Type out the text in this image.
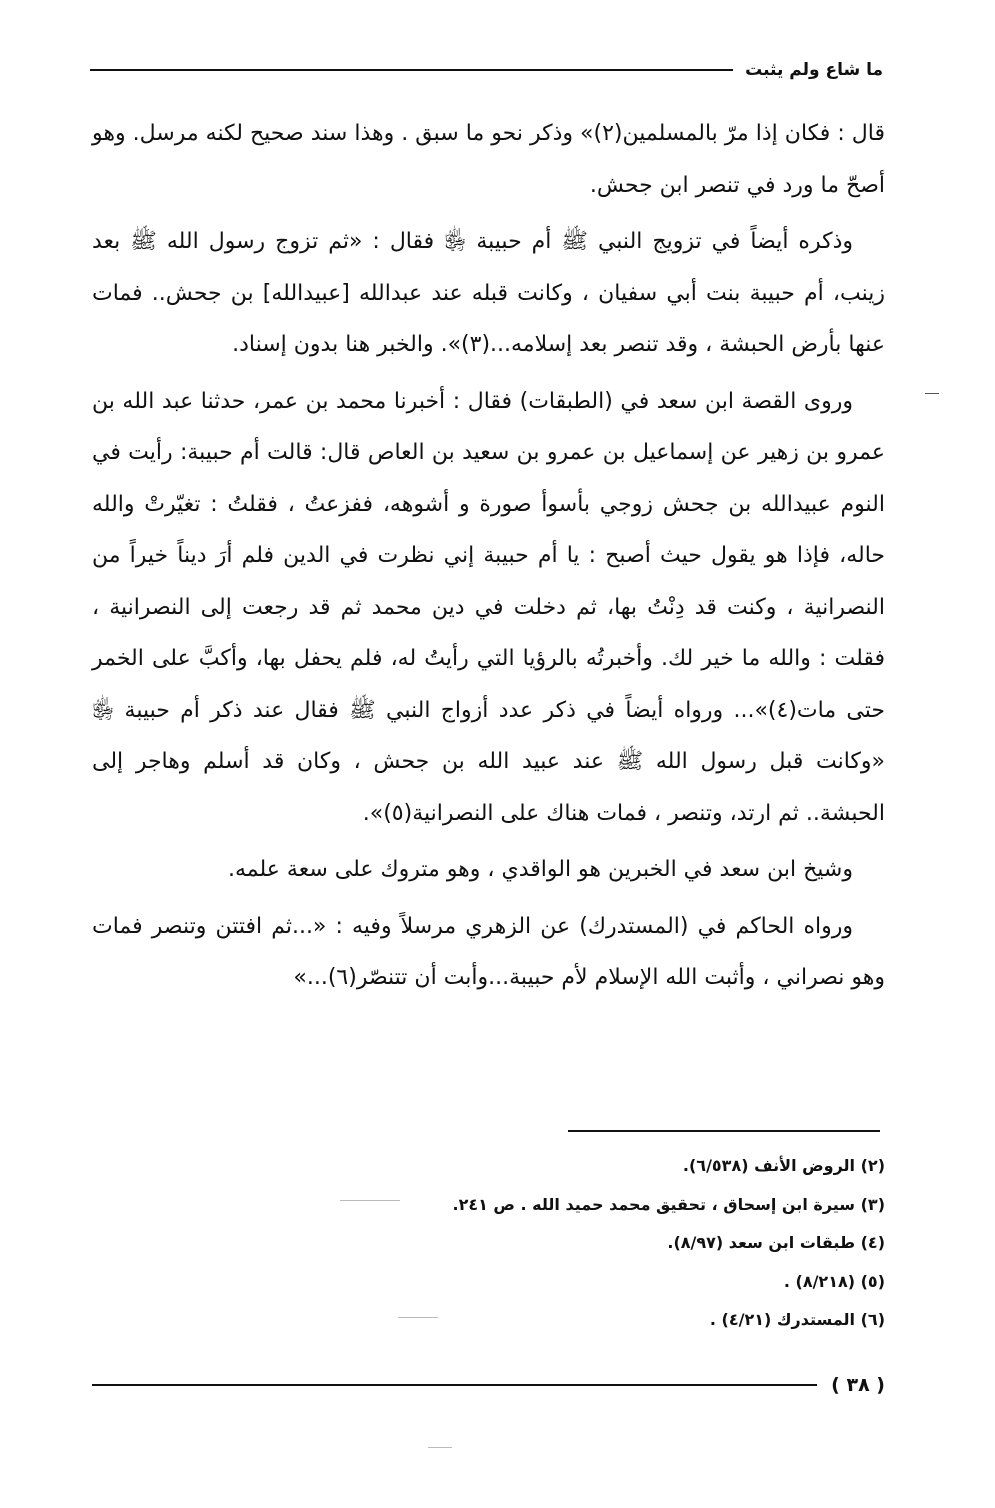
ما شاع ولم يثبت

قال : فكان إذا مرّ بالمسلمين(٢)» وذكر نحو ما سبق . وهذا سند صحيح لكنه مرسل. وهو أصحّ ما ورد في تنصر ابن جحش.

وذكره أيضاً في تزويج النبي ﷺ أم حبيبة ﵂ فقال : «ثم تزوج رسول الله ﷺ بعد زينب، أم حبيبة بنت أبي سفيان ، وكانت قبله عند عبدالله [عبيدالله] بن جحش.. فمات عنها بأرض الحبشة ، وقد تنصر بعد إسلامه...(٣)». والخبر هنا بدون إسناد.

وروى القصة ابن سعد في (الطبقات) فقال : أخبرنا محمد بن عمر، حدثنا عبد الله بن عمرو بن زهير عن إسماعيل بن عمرو بن سعيد بن العاص قال: قالت أم حبيبة: رأيت في النوم عبيدالله بن جحش زوجي بأسوأ صورة و أشوهه، ففزعتُ ، فقلتُ : تغيّرتْ والله حاله، فإذا هو يقول حيث أصبح : يا أم حبيبة إني نظرت في الدين فلم أرَ ديناً خيراً من النصرانية ، وكنت قد دِنْتُ بها، ثم دخلت في دين محمد ثم قد رجعت إلى النصرانية ، فقلت : والله ما خير لك. وأخبرتُه بالرؤيا التي رأيتُ له، فلم يحفل بها، وأكبَّ على الخمر حتى مات(٤)»... ورواه أيضاً في ذكر عدد أزواج النبي ﷺ فقال عند ذكر أم حبيبة ﵂ «وكانت قبل رسول الله ﷺ عند عبيد الله بن جحش ، وكان قد أسلم وهاجر إلى الحبشة.. ثم ارتد، وتنصر ، فمات هناك على النصرانية(٥)».

وشيخ ابن سعد في الخبرين هو الواقدي ، وهو متروك على سعة علمه.

ورواه الحاكم في (المستدرك) عن الزهري مرسلاً وفيه : «...ثم افتتن وتنصر فمات وهو نصراني ، وأثبت الله الإسلام لأم حبيبة...وأبت أن تتنصّر(٦)...»

(٢) الروض الأنف (٦/٥٣٨).
(٣) سيرة ابن إسحاق ، تحقيق محمد حميد الله . ص ٢٤١.
(٤) طبقات ابن سعد (٨/٩٧).
(٥) (٨/٢١٨) .
(٦) المستدرك (٤/٢١) .
( ٣٨ )
